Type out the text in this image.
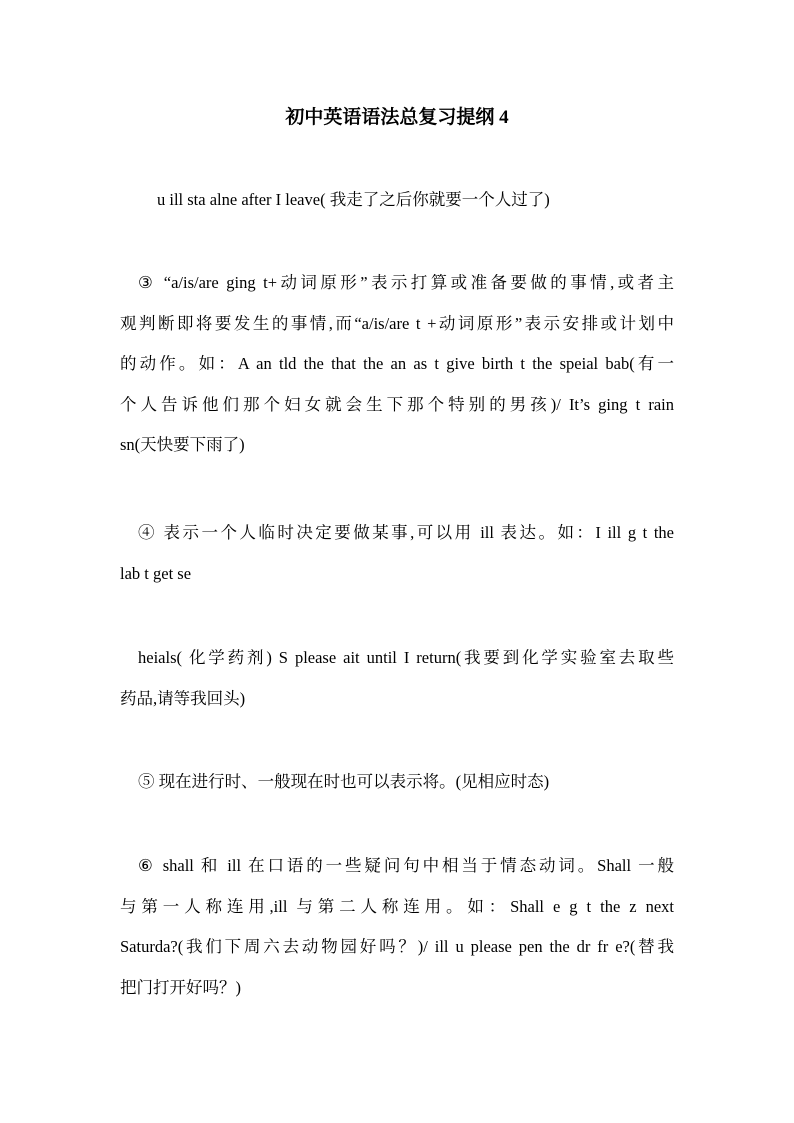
初中英语语法总复习提纲 4

u ill sta alne after I leave( 我走了之后你就要一个人过了)

③ “a/is/are ging t+动词原形”表示打算或准备要做的事情,或者主
观判断即将要发生的事情,而“a/is/are t +动词原形”表示安排或计划中
的动作。如：A an tld the that the an as t give birth t the speial bab(有一
个人告诉他们那个妇女就会生下那个特别的男孩)/ It’s ging t rain
sn(天快要下雨了)

④ 表示一个人临时决定要做某事,可以用 ill 表达。如：I ill g t the
lab t get se

heials( 化学药剂) S please ait until I return(我要到化学实验室去取些
药品,请等我回头)

⑤ 现在进行时、一般现在时也可以表示将。(见相应时态)

⑥ shall 和 ill 在口语的一些疑问句中相当于情态动词。Shall 一般
与第一人称连用,ill 与第二人称连用。如：Shall e g t the z next
Saturda?(我们下周六去动物园好吗？)/ ill u please pen the dr fr e?(替我
把门打开好吗？)
